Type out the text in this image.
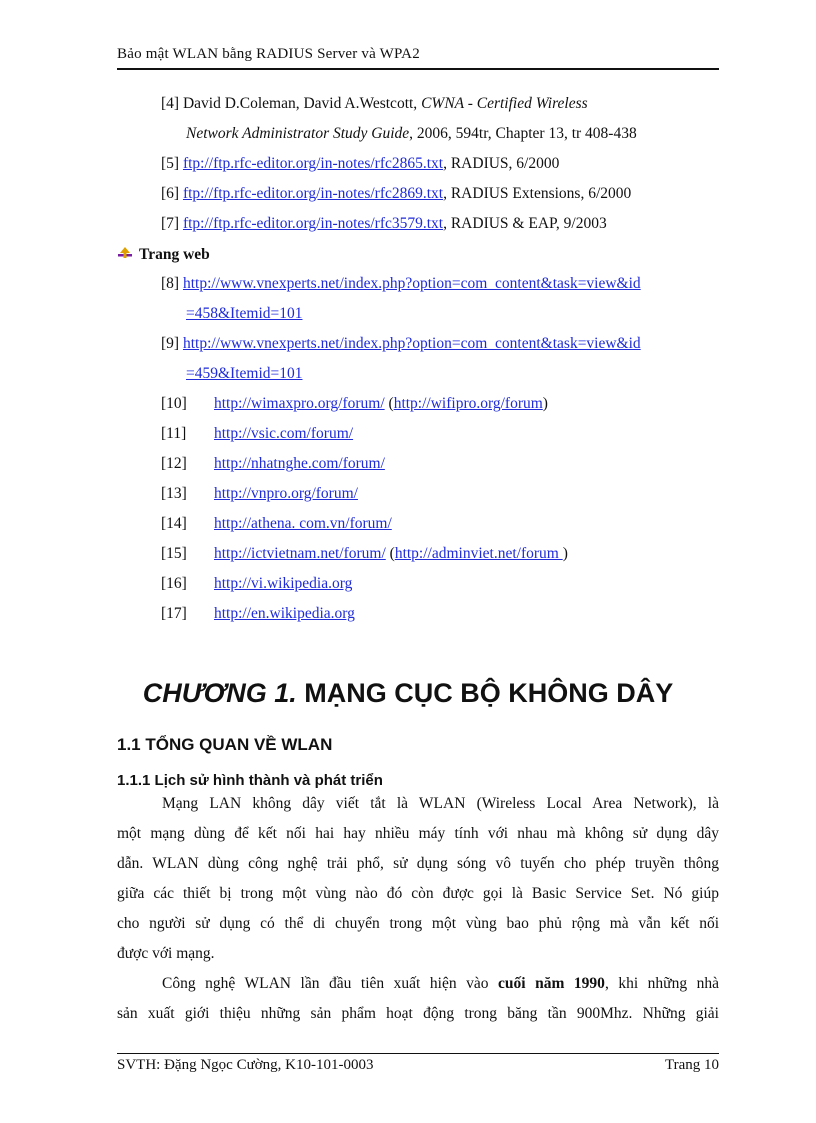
Bảo mật WLAN bằng RADIUS Server và WPA2
[4] David D.Coleman, David A.Westcott, CWNA - Certified Wireless
Network Administrator Study Guide, 2006, 594tr, Chapter 13, tr 408-438
[5] ftp://ftp.rfc-editor.org/in-notes/rfc2865.txt, RADIUS, 6/2000
[6] ftp://ftp.rfc-editor.org/in-notes/rfc2869.txt, RADIUS Extensions, 6/2000
[7] ftp://ftp.rfc-editor.org/in-notes/rfc3579.txt, RADIUS & EAP, 9/2003
Trang web
[8] http://www.vnexperts.net/index.php?option=com_content&task=view&id
=458&Itemid=101
[9] http://www.vnexperts.net/index.php?option=com_content&task=view&id
=459&Itemid=101
[10] http://wimaxpro.org/forum/ (http://wifipro.org/forum)
[11] http://vsic.com/forum/
[12] http://nhatnghe.com/forum/
[13] http://vnpro.org/forum/
[14] http://athena. com.vn/forum/
[15] http://ictvietnam.net/forum/ (http://adminviet.net/forum )
[16] http://vi.wikipedia.org
[17] http://en.wikipedia.org
CHƯƠNG 1. MẠNG CỤC BỘ KHÔNG DÂY
1.1 TỔNG QUAN VỀ WLAN
1.1.1 Lịch sử hình thành và phát triển
Mạng LAN không dây viết tắt là WLAN (Wireless Local Area Network), là
một mạng dùng để kết nối hai hay nhiều máy tính với nhau mà không sử dụng dây
dẫn. WLAN dùng công nghệ trải phổ, sử dụng sóng vô tuyến cho phép truyền thông
giữa các thiết bị trong một vùng nào đó còn được gọi là Basic Service Set. Nó giúp
cho người sử dụng có thể di chuyển trong một vùng bao phủ rộng mà vẫn kết nối
được với mạng.
Công nghệ WLAN lần đầu tiên xuất hiện vào cuối năm 1990, khi những nhà
sản xuất giới thiệu những sản phẩm hoạt động trong băng tần 900Mhz. Những giải
SVTH: Đặng Ngọc Cường, K10-101-0003	Trang 10
